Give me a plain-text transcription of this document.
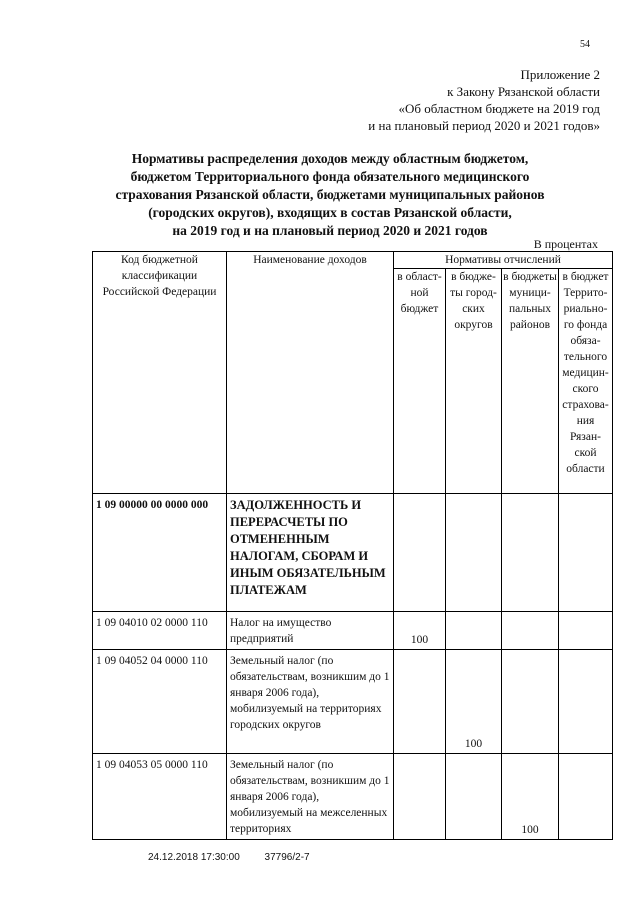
54
Приложение 2
к Закону Рязанской области
«Об областном бюджете на 2019 год
и на плановый период 2020 и 2021 годов»
Нормативы распределения доходов между областным бюджетом,
бюджетом Территориального фонда обязательного медицинского
страхования Рязанской области, бюджетами муниципальных районов
(городских округов), входящих в состав Рязанской области,
на 2019 год и на плановый период 2020 и 2021 годов
В процентах
Код бюджетной классификации Российской Федерации	Наименование доходов	Нормативы отчислений			
		в област- ной бюджет	в бюдже- ты город- ских округов	в бюджеты муници- пальных районов	в бюджет Террито- риально- го фонда обяза- тельного медицин- ского страхова- ния Рязан- ской области
1 09 00000 00 0000 000	ЗАДОЛЖЕННОСТЬ И ПЕРЕРАСЧЕТЫ ПО ОТМЕНЕННЫМ НАЛОГАМ, СБОРАМ И ИНЫМ ОБЯЗАТЕЛЬНЫМ ПЛАТЕЖАМ				
1 09 04010 02 0000 110	Налог на имущество предприятий	100			
1 09 04052 04 0000 110	Земельный налог (по обязательствам, возникшим до 1 января 2006 года), мобилизуемый на территориях городских округов		100		
1 09 04053 05 0000 110	Земельный налог (по обязательствам, возникшим до 1 января 2006 года), мобилизуемый на межселенных территориях			100	
24.12.2018 17:30:00 37796/2-7
